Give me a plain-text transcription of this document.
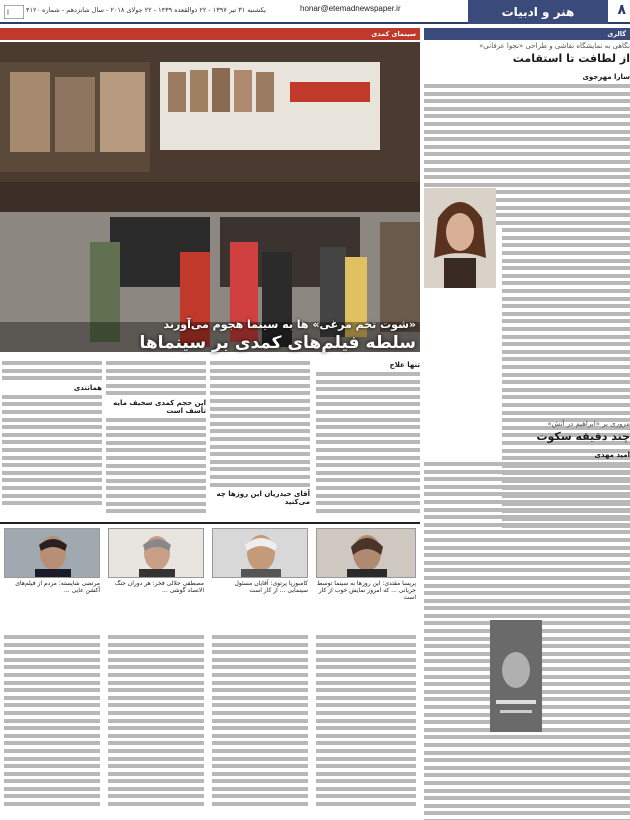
ا	یکشنبه ۳۱ تیر ۱۳۹۷ - ۲۲ ذوالقعده ۱۴۳۹ - ۲۲ جولای ۲۰۱۸ - سال شانزدهم - شماره ۴۱۲۰	honar@etemadnewspaper.ir	هنر و ادبیات	۸
سینمای کمدی	گالری
«شوت تخم مرغی» ها به سینما هجوم می‌آورند
سلطه فیلم‌های کمدی بر سینماها
نگاهی به نمایشگاه نقاشی و طراحی «نجوا عرفانی»
از لطافت تا استقامت
سارا مهرجوی
مروری بر «ابراهیم در آتش»
چند دقیقه سکوت
امید مهدی
تنها علاج
آقای حیدریان این روزها چه می‌کنید
این حجم کمدی سخیف مایه تأسف است
همانندی
پریسا مقتدی: این روزها به سینما توسط جریانی ... که امروز نمایش خوب از کار است
کامبوزیا پرتوی: آقایان مسئول سینمایی ... از کار است
مصطفی جلالی فخر: هر دوران جنگ الاتصاد گوشی ...
مرتضی شایسته: مردم از فیلم‌های آکشن عایی ...
